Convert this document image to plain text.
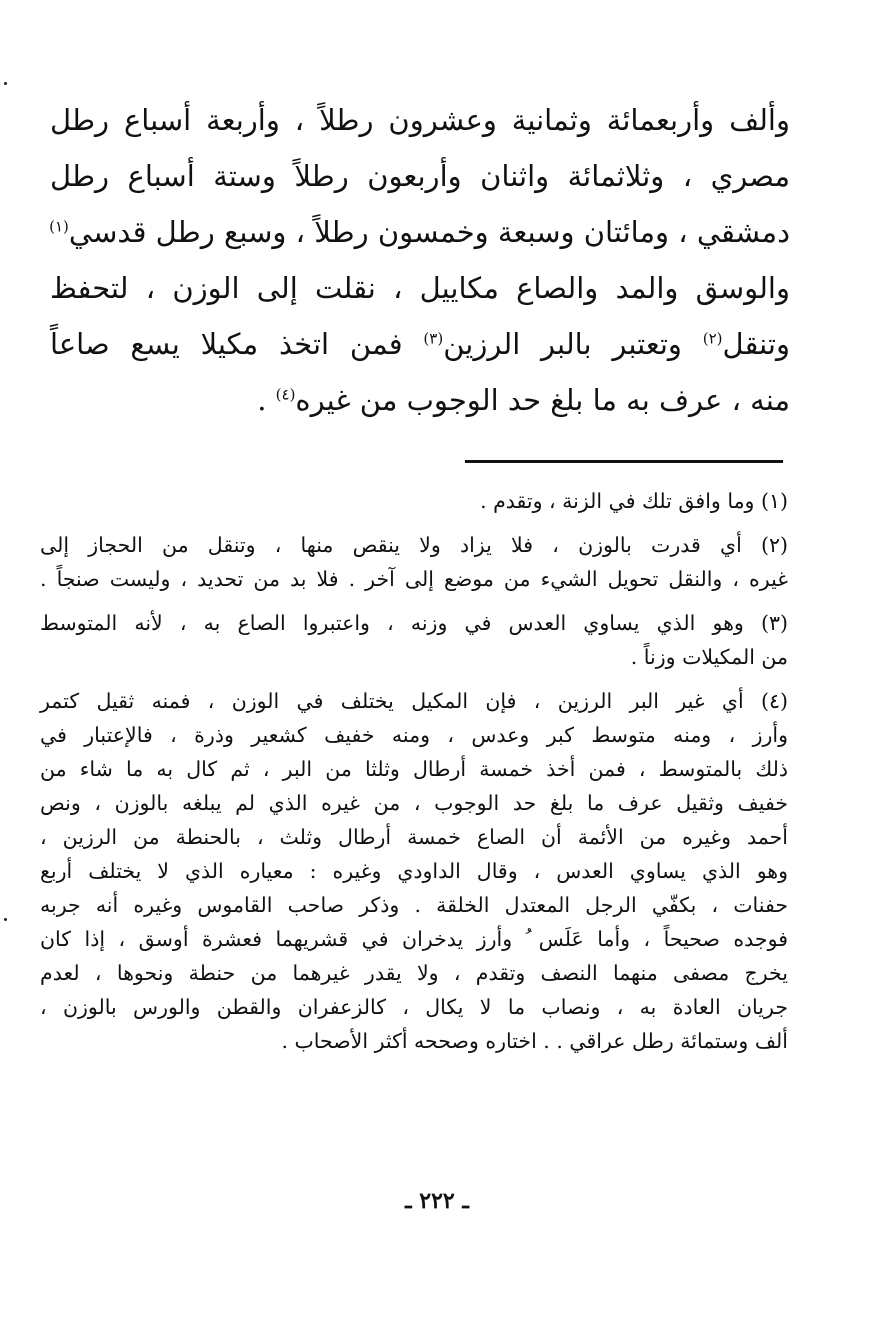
وألف وأربعمائة وثمانية وعشرون رطلاً ، وأربعة أسباع رطل
مصري ، وثلاثمائة واثنان وأربعون رطلاً وستة أسباع رطل
دمشقي ، ومائتان وسبعة وخمسون رطلاً ، وسبع رطل قدسي$^{(١)}$
والوسق والمد والصاع مكاييل ، نقلت إلى الوزن ، لتحفظ
وتنقل$^{(٢)}$ وتعتبر بالبر الرزين$^{(٣)}$ فمن اتخذ مكيلا يسع صاعاً
منه ، عرف به ما بلغ حد الوجوب من غيره$^{(٤)}$ .
(١) وما وافق تلك في الزنة ، وتقدم .
(٢) أي قدرت بالوزن ، فلا يزاد ولا ينقص منها ، وتنقل من الحجاز إلى
غيره ، والنقل تحويل الشيء من موضع إلى آخر . فلا بد من تحديد ، وليست صنجاً .
(٣) وهو الذي يساوي العدس في وزنه ، واعتبروا الصاع به ، لأنه المتوسط
من المكيلات وزناً .
(٤) أي غير البر الرزين ، فإن المكيل يختلف في الوزن ، فمنه ثقيل كتمر
وأرز ، ومنه متوسط كبر وعدس ، ومنه خفيف كشعير وذرة ، فالإعتبار في
ذلك بالمتوسط ، فمن أخذ خمسة أرطال وثلثا من البر ، ثم كال به ما شاء من
خفيف وثقيل عرف ما بلغ حد الوجوب ، من غيره الذي لم يبلغه بالوزن ، ونص
أحمد وغيره من الأئمة أن الصاع خمسة أرطال وثلث ، بالحنطة من الرزين ،
وهو الذي يساوي العدس ، وقال الداودي وغيره : معياره الذي لا يختلف أربع
حفنات ، بكفّي الرجل المعتدل الخلقة . وذكر صاحب القاموس وغيره أنه جربه
فوجده صحيحاً ، وأما عَلَس ُ وأرز يدخران في قشريهما فعشرة أوسق ، إذا كان
يخرج مصفى منهما النصف وتقدم ، ولا يقدر غيرهما من حنطة ونحوها ، لعدم
جريان العادة به ، ونصاب ما لا يكال ، كالزعفران والقطن والورس بالوزن ،
ألف وستمائة رطل عراقي . . اختاره وصححه أكثر الأصحاب .
ـ ٢٢٢ ـ
